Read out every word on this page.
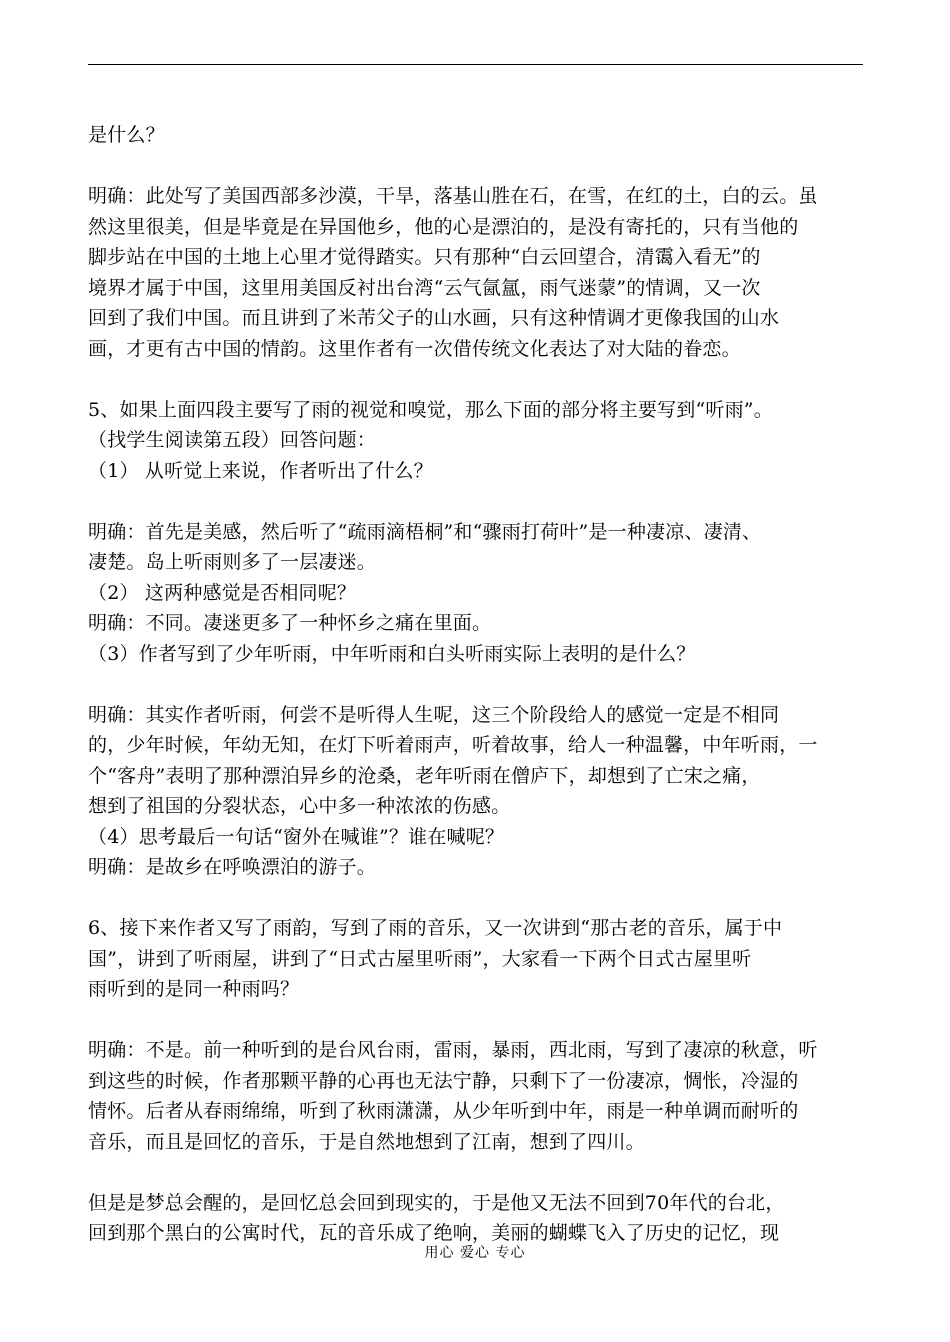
是什么？
明确：此处写了美国西部多沙漠，干旱，落基山胜在石，在雪，在红的土，白的云。虽
然这里很美，但是毕竟是在异国他乡，他的心是漂泊的，是没有寄托的，只有当他的
脚步站在中国的土地上心里才觉得踏实。只有那种“白云回望合，清霭入看无”的
境界才属于中国，这里用美国反衬出台湾“云气氤氲，雨气迷蒙”的情调，又一次
回到了我们中国。而且讲到了米芾父子的山水画，只有这种情调才更像我国的山水
画，才更有古中国的情韵。这里作者有一次借传统文化表达了对大陆的眷恋。
5、如果上面四段主要写了雨的视觉和嗅觉，那么下面的部分将主要写到“听雨”。
（找学生阅读第五段）回答问题：
（1） 从听觉上来说，作者听出了什么？
明确：首先是美感，然后听了“疏雨滴梧桐”和“骤雨打荷叶”是一种凄凉、凄清、
凄楚。岛上听雨则多了一层凄迷。
（2） 这两种感觉是否相同呢？
明确：不同。凄迷更多了一种怀乡之痛在里面。
（3）作者写到了少年听雨，中年听雨和白头听雨实际上表明的是什么？
明确：其实作者听雨，何尝不是听得人生呢，这三个阶段给人的感觉一定是不相同
的，少年时候，年幼无知，在灯下听着雨声，听着故事，给人一种温馨，中年听雨，一
个“客舟”表明了那种漂泊异乡的沧桑，老年听雨在僧庐下，却想到了亡宋之痛，
想到了祖国的分裂状态，心中多一种浓浓的伤感。
（4）思考最后一句话“窗外在喊谁”？谁在喊呢？
明确：是故乡在呼唤漂泊的游子。
6、接下来作者又写了雨韵，写到了雨的音乐，又一次讲到“那古老的音乐，属于中
国”，讲到了听雨屋，讲到了“日式古屋里听雨”，大家看一下两个日式古屋里听
雨听到的是同一种雨吗？
明确：不是。前一种听到的是台风台雨，雷雨，暴雨，西北雨，写到了凄凉的秋意，听
到这些的时候，作者那颗平静的心再也无法宁静，只剩下了一份凄凉，惆怅，冷湿的
情怀。后者从春雨绵绵，听到了秋雨潇潇，从少年听到中年，雨是一种单调而耐听的
音乐，而且是回忆的音乐，于是自然地想到了江南，想到了四川。
但是是梦总会醒的，是回忆总会回到现实的，于是他又无法不回到70年代的台北，
回到那个黑白的公寓时代，瓦的音乐成了绝响，美丽的蝴蝶飞入了历史的记忆，现
用心 爱心 专心
